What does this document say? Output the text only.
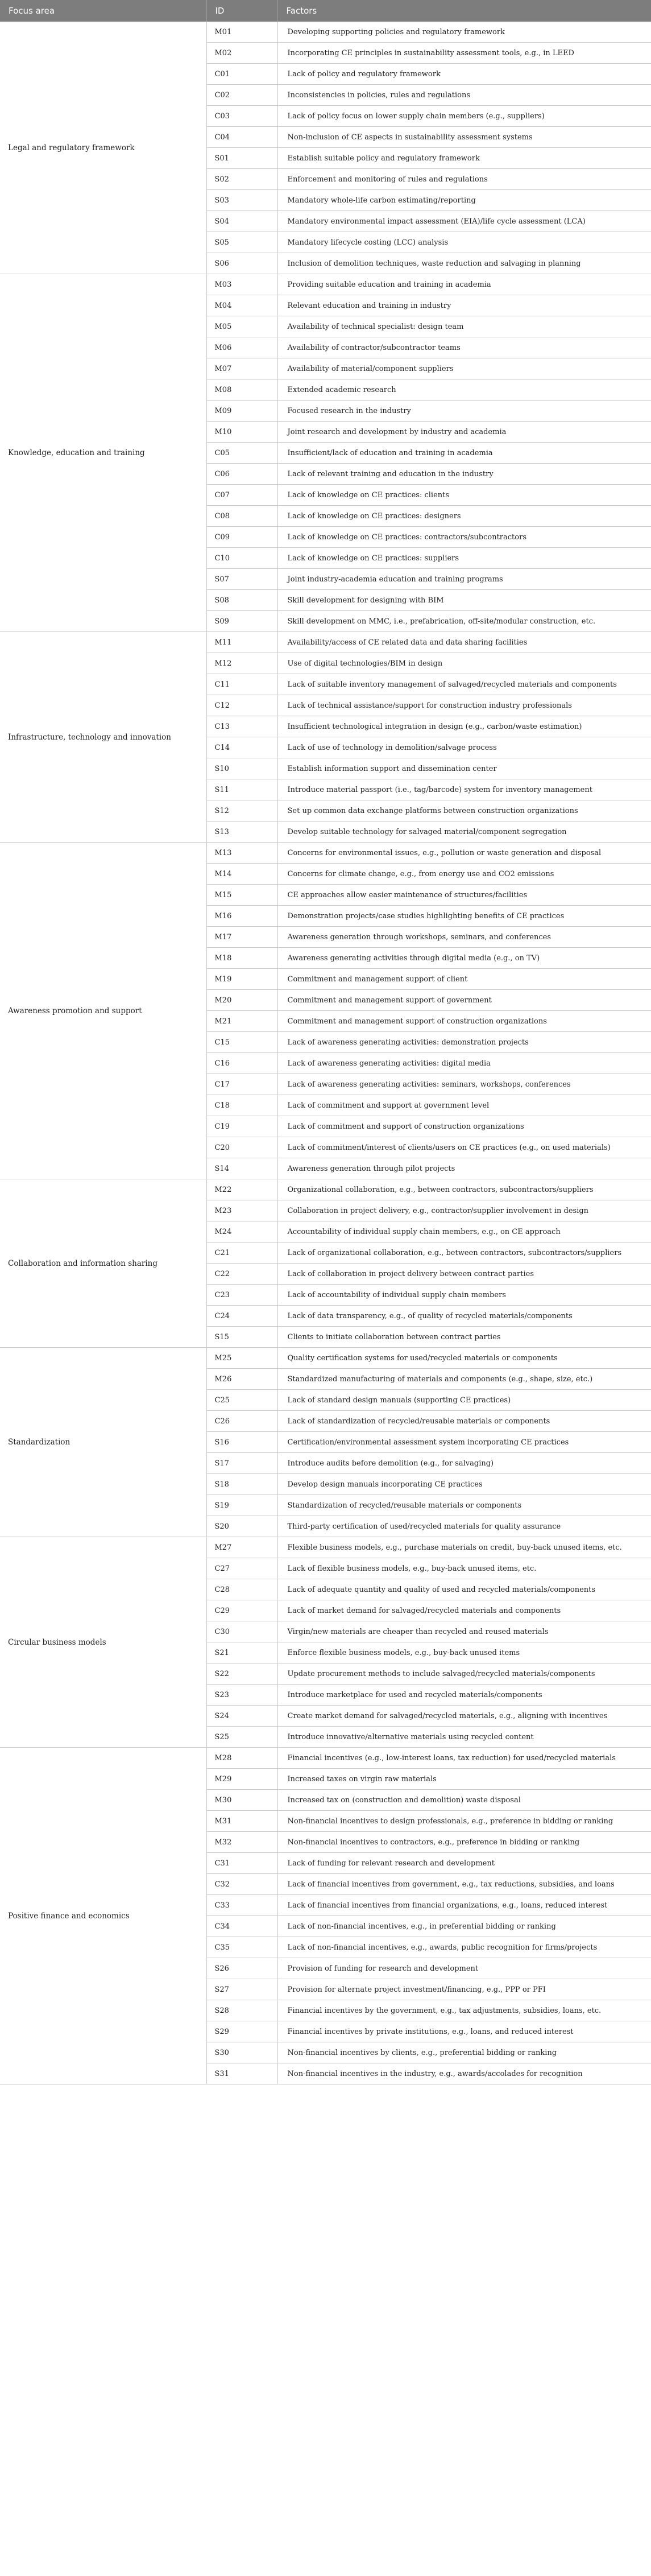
Focus area	ID	Factors
Legal and regulatory framework	M01	Developing supporting policies and regulatory framework
	M02	Incorporating CE principles in sustainability assessment tools, e.g., in LEED
	C01	Lack of policy and regulatory framework
	C02	Inconsistencies in policies, rules and regulations
	C03	Lack of policy focus on lower supply chain members (e.g., suppliers)
	C04	Non-inclusion of CE aspects in sustainability assessment systems
	S01	Establish suitable policy and regulatory framework
	S02	Enforcement and monitoring of rules and regulations
	S03	Mandatory whole-life carbon estimating/reporting
	S04	Mandatory environmental impact assessment (EIA)/life cycle assessment (LCA)
	S05	Mandatory lifecycle costing (LCC) analysis
	S06	Inclusion of demolition techniques, waste reduction and salvaging in planning
Knowledge, education and training	M03	Providing suitable education and training in academia
	M04	Relevant education and training in industry
	M05	Availability of technical specialist: design team
	M06	Availability of contractor/subcontractor teams
	M07	Availability of material/component suppliers
	M08	Extended academic research
	M09	Focused research in the industry
	M10	Joint research and development by industry and academia
	C05	Insufficient/lack of education and training in academia
	C06	Lack of relevant training and education in the industry
	C07	Lack of knowledge on CE practices: clients
	C08	Lack of knowledge on CE practices: designers
	C09	Lack of knowledge on CE practices: contractors/subcontractors
	C10	Lack of knowledge on CE practices: suppliers
	S07	Joint industry-academia education and training programs
	S08	Skill development for designing with BIM
	S09	Skill development on MMC, i.e., prefabrication, off-site/modular construction, etc.
Infrastructure, technology and innovation	M11	Availability/access of CE related data and data sharing facilities
	M12	Use of digital technologies/BIM in design
	C11	Lack of suitable inventory management of salvaged/recycled materials and components
	C12	Lack of technical assistance/support for construction industry professionals
	C13	Insufficient technological integration in design (e.g., carbon/waste estimation)
	C14	Lack of use of technology in demolition/salvage process
	S10	Establish information support and dissemination center
	S11	Introduce material passport (i.e., tag/barcode) system for inventory management
	S12	Set up common data exchange platforms between construction organizations
	S13	Develop suitable technology for salvaged material/component segregation
Awareness promotion and support	M13	Concerns for environmental issues, e.g., pollution or waste generation and disposal
	M14	Concerns for climate change, e.g., from energy use and CO2 emissions
	M15	CE approaches allow easier maintenance of structures/facilities
	M16	Demonstration projects/case studies highlighting benefits of CE practices
	M17	Awareness generation through workshops, seminars, and conferences
	M18	Awareness generating activities through digital media (e.g., on TV)
	M19	Commitment and management support of client
	M20	Commitment and management support of government
	M21	Commitment and management support of construction organizations
	C15	Lack of awareness generating activities: demonstration projects
	C16	Lack of awareness generating activities: digital media
	C17	Lack of awareness generating activities: seminars, workshops, conferences
	C18	Lack of commitment and support at government level
	C19	Lack of commitment and support of construction organizations
	C20	Lack of commitment/interest of clients/users on CE practices (e.g., on used materials)
	S14	Awareness generation through pilot projects
Collaboration and information sharing	M22	Organizational collaboration, e.g., between contractors, subcontractors/suppliers
	M23	Collaboration in project delivery, e.g., contractor/supplier involvement in design
	M24	Accountability of individual supply chain members, e.g., on CE approach
	C21	Lack of organizational collaboration, e.g., between contractors, subcontractors/suppliers
	C22	Lack of collaboration in project delivery between contract parties
	C23	Lack of accountability of individual supply chain members
	C24	Lack of data transparency, e.g., of quality of recycled materials/components
	S15	Clients to initiate collaboration between contract parties
Standardization	M25	Quality certification systems for used/recycled materials or components
	M26	Standardized manufacturing of materials and components (e.g., shape, size, etc.)
	C25	Lack of standard design manuals (supporting CE practices)
	C26	Lack of standardization of recycled/reusable materials or components
	S16	Certification/environmental assessment system incorporating CE practices
	S17	Introduce audits before demolition (e.g., for salvaging)
	S18	Develop design manuals incorporating CE practices
	S19	Standardization of recycled/reusable materials or components
	S20	Third-party certification of used/recycled materials for quality assurance
Circular business models	M27	Flexible business models, e.g., purchase materials on credit, buy-back unused items, etc.
	C27	Lack of flexible business models, e.g., buy-back unused items, etc.
	C28	Lack of adequate quantity and quality of used and recycled materials/components
	C29	Lack of market demand for salvaged/recycled materials and components
	C30	Virgin/new materials are cheaper than recycled and reused materials
	S21	Enforce flexible business models, e.g., buy-back unused items
	S22	Update procurement methods to include salvaged/recycled materials/components
	S23	Introduce marketplace for used and recycled materials/components
	S24	Create market demand for salvaged/recycled materials, e.g., aligning with incentives
	S25	Introduce innovative/alternative materials using recycled content
Positive finance and economics	M28	Financial incentives (e.g., low-interest loans, tax reduction) for used/recycled materials
	M29	Increased taxes on virgin raw materials
	M30	Increased tax on (construction and demolition) waste disposal
	M31	Non-financial incentives to design professionals, e.g., preference in bidding or ranking
	M32	Non-financial incentives to contractors, e.g., preference in bidding or ranking
	C31	Lack of funding for relevant research and development
	C32	Lack of financial incentives from government, e.g., tax reductions, subsidies, and loans
	C33	Lack of financial incentives from financial organizations, e.g., loans, reduced interest
	C34	Lack of non-financial incentives, e.g., in preferential bidding or ranking
	C35	Lack of non-financial incentives, e.g., awards, public recognition for firms/projects
	S26	Provision of funding for research and development
	S27	Provision for alternate project investment/financing, e.g., PPP or PFI
	S28	Financial incentives by the government, e.g., tax adjustments, subsidies, loans, etc.
	S29	Financial incentives by private institutions, e.g., loans, and reduced interest
	S30	Non-financial incentives by clients, e.g., preferential bidding or ranking
	S31	Non-financial incentives in the industry, e.g., awards/accolades for recognition
